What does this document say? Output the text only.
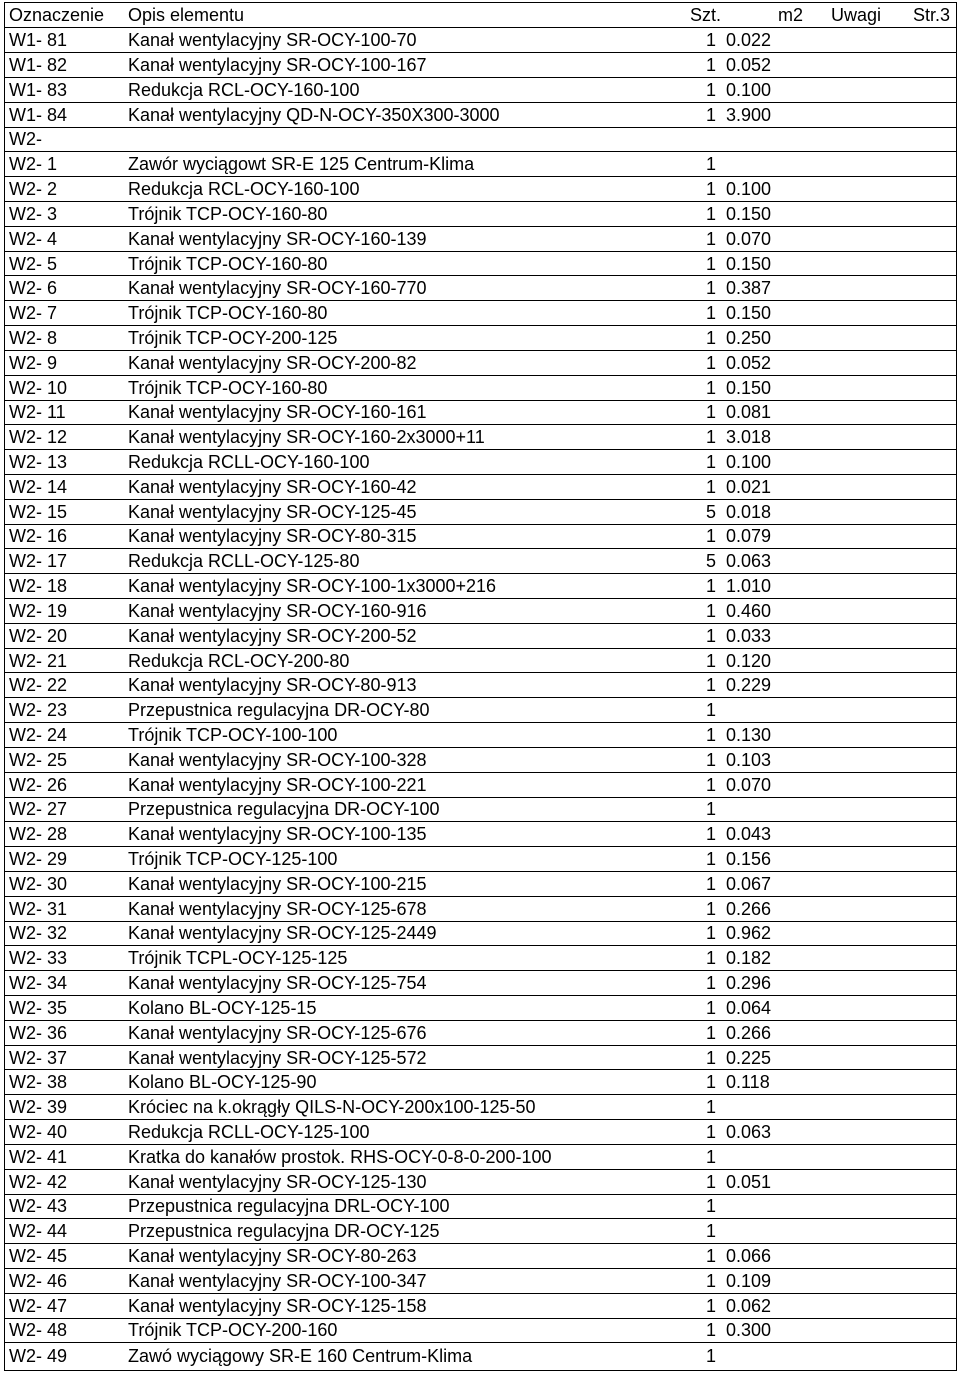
Oznaczenie	Opis elementu	Szt.	m2	Uwagi	Str.3
W1- 81	Kanał wentylacyjny SR-OCY-100-70	1	0.022		
W1- 82	Kanał wentylacyjny SR-OCY-100-167	1	0.052		
W1- 83	Redukcja RCL-OCY-160-100	1	0.100		
W1- 84	Kanał wentylacyjny QD-N-OCY-350X300-3000	1	3.900		
W2-					
W2- 1	Zawór wyciągowt SR-E 125 Centrum-Klima	1			
W2- 2	Redukcja RCL-OCY-160-100	1	0.100		
W2- 3	Trójnik TCP-OCY-160-80	1	0.150		
W2- 4	Kanał wentylacyjny SR-OCY-160-139	1	0.070		
W2- 5	Trójnik TCP-OCY-160-80	1	0.150		
W2- 6	Kanał wentylacyjny SR-OCY-160-770	1	0.387		
W2- 7	Trójnik TCP-OCY-160-80	1	0.150		
W2- 8	Trójnik TCP-OCY-200-125	1	0.250		
W2- 9	Kanał wentylacyjny SR-OCY-200-82	1	0.052		
W2- 10	Trójnik TCP-OCY-160-80	1	0.150		
W2- 11	Kanał wentylacyjny SR-OCY-160-161	1	0.081		
W2- 12	Kanał wentylacyjny SR-OCY-160-2x3000+11	1	3.018		
W2- 13	Redukcja RCLL-OCY-160-100	1	0.100		
W2- 14	Kanał wentylacyjny SR-OCY-160-42	1	0.021		
W2- 15	Kanał wentylacyjny SR-OCY-125-45	5	0.018		
W2- 16	Kanał wentylacyjny SR-OCY-80-315	1	0.079		
W2- 17	Redukcja RCLL-OCY-125-80	5	0.063		
W2- 18	Kanał wentylacyjny SR-OCY-100-1x3000+216	1	1.010		
W2- 19	Kanał wentylacyjny SR-OCY-160-916	1	0.460		
W2- 20	Kanał wentylacyjny SR-OCY-200-52	1	0.033		
W2- 21	Redukcja RCL-OCY-200-80	1	0.120		
W2- 22	Kanał wentylacyjny SR-OCY-80-913	1	0.229		
W2- 23	Przepustnica regulacyjna DR-OCY-80	1			
W2- 24	Trójnik TCP-OCY-100-100	1	0.130		
W2- 25	Kanał wentylacyjny SR-OCY-100-328	1	0.103		
W2- 26	Kanał wentylacyjny SR-OCY-100-221	1	0.070		
W2- 27	Przepustnica regulacyjna DR-OCY-100	1			
W2- 28	Kanał wentylacyjny SR-OCY-100-135	1	0.043		
W2- 29	Trójnik TCP-OCY-125-100	1	0.156		
W2- 30	Kanał wentylacyjny SR-OCY-100-215	1	0.067		
W2- 31	Kanał wentylacyjny SR-OCY-125-678	1	0.266		
W2- 32	Kanał wentylacyjny SR-OCY-125-2449	1	0.962		
W2- 33	Trójnik TCPL-OCY-125-125	1	0.182		
W2- 34	Kanał wentylacyjny SR-OCY-125-754	1	0.296		
W2- 35	Kolano BL-OCY-125-15	1	0.064		
W2- 36	Kanał wentylacyjny SR-OCY-125-676	1	0.266		
W2- 37	Kanał wentylacyjny SR-OCY-125-572	1	0.225		
W2- 38	Kolano BL-OCY-125-90	1	0.118		
W2- 39	Króciec na k.okrągły QILS-N-OCY-200x100-125-50	1			
W2- 40	Redukcja RCLL-OCY-125-100	1	0.063		
W2- 41	Kratka do kanałów prostok. RHS-OCY-0-8-0-200-100	1			
W2- 42	Kanał wentylacyjny SR-OCY-125-130	1	0.051		
W2- 43	Przepustnica regulacyjna DRL-OCY-100	1			
W2- 44	Przepustnica regulacyjna DR-OCY-125	1			
W2- 45	Kanał wentylacyjny SR-OCY-80-263	1	0.066		
W2- 46	Kanał wentylacyjny SR-OCY-100-347	1	0.109		
W2- 47	Kanał wentylacyjny SR-OCY-125-158	1	0.062		
W2- 48	Trójnik TCP-OCY-200-160	1	0.300		
W2- 49	Zawó wyciągowy SR-E 160 Centrum-Klima	1			
